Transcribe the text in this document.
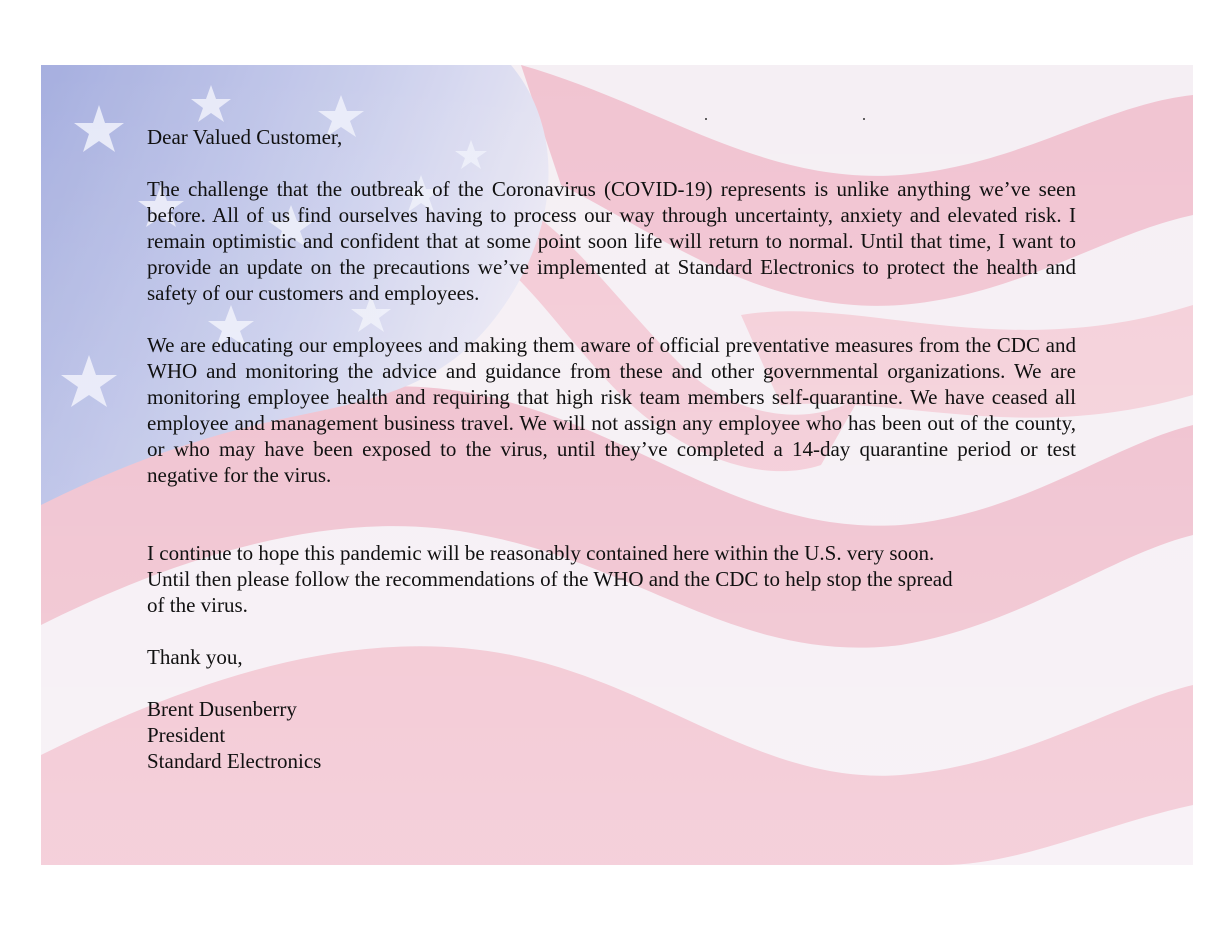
Dear Valued Customer,

The challenge that the outbreak of the Coronavirus (COVID-19) represents is unlike anything we’ve seen before. All of us find ourselves having to process our way through uncertainty, anxiety and elevated risk. I remain optimistic and confident that at some point soon life will return to normal. Until that time, I want to provide an update on the precautions we’ve implemented at Standard Electronics to protect the health and safety of our customers and employees.

We are educating our employees and making them aware of official preventative measures from the CDC and WHO and monitoring the advice and guidance from these and other governmental organizations. We are monitoring employee health and requiring that high risk team members self-quarantine. We have ceased all employee and management business travel. We will not assign any employee who has been out of the county, or who may have been exposed to the virus, until they’ve completed a 14-day quarantine period or test negative for the virus.

I continue to hope this pandemic will be reasonably contained here within the U.S. very soon.

Until then please follow the recommendations of the WHO and the CDC to help stop the spread

of the virus.

Thank you,

Brent Dusenberry

President

Standard Electronics
